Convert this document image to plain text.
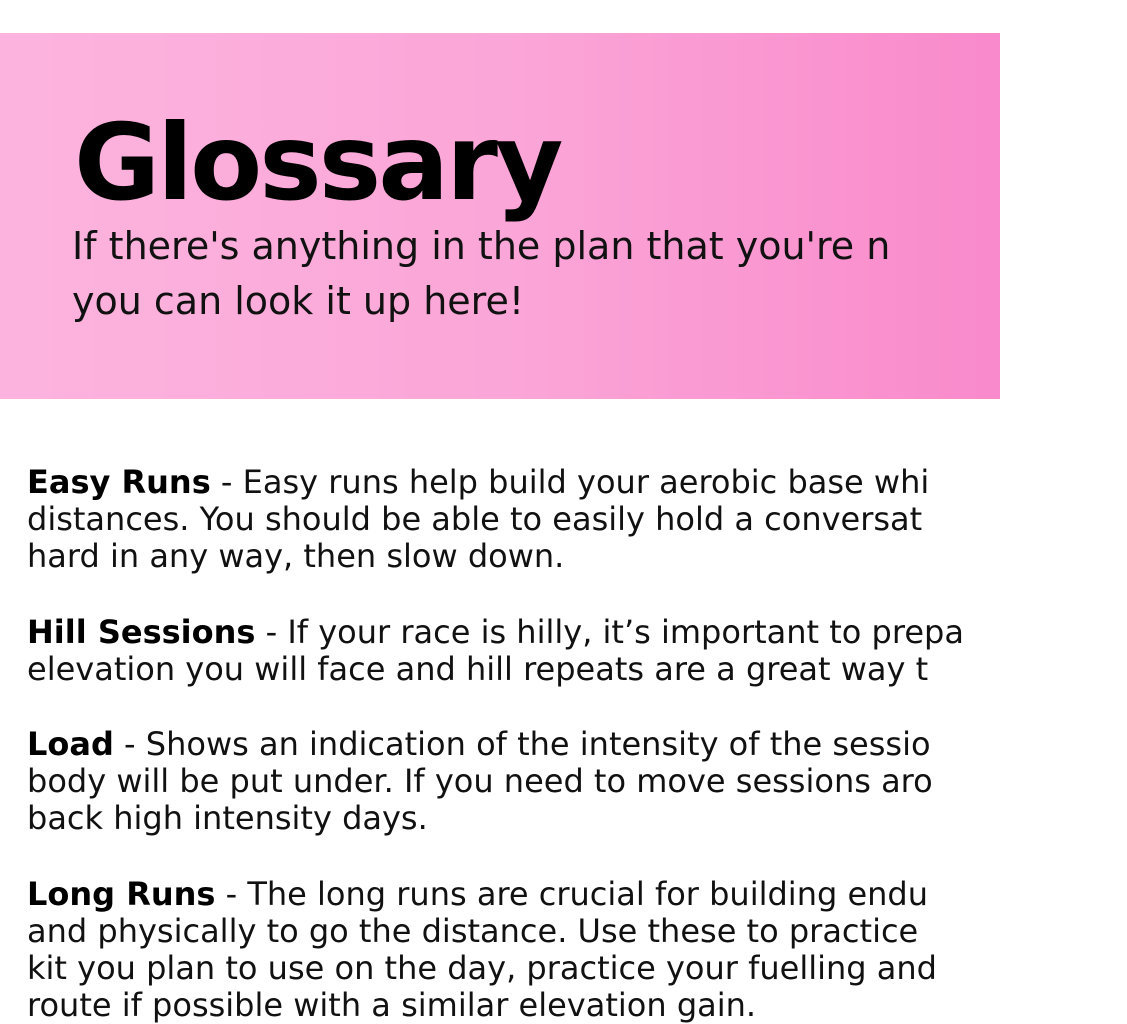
Glossary

If there's anything in the plan that you're n
you can look it up here!

Easy Runs - Easy runs help build your aerobic base whi
distances. You should be able to easily hold a conversat
hard in any way, then slow down.

Hill Sessions - If your race is hilly, it’s important to prepa
elevation you will face and hill repeats are a great way t

Load - Shows an indication of the intensity of the sessio
body will be put under. If you need to move sessions aro
back high intensity days.

Long Runs - The long runs are crucial for building endu
and physically to go the distance. Use these to practice
kit you plan to use on the day, practice your fuelling and
route if possible with a similar elevation gain.
